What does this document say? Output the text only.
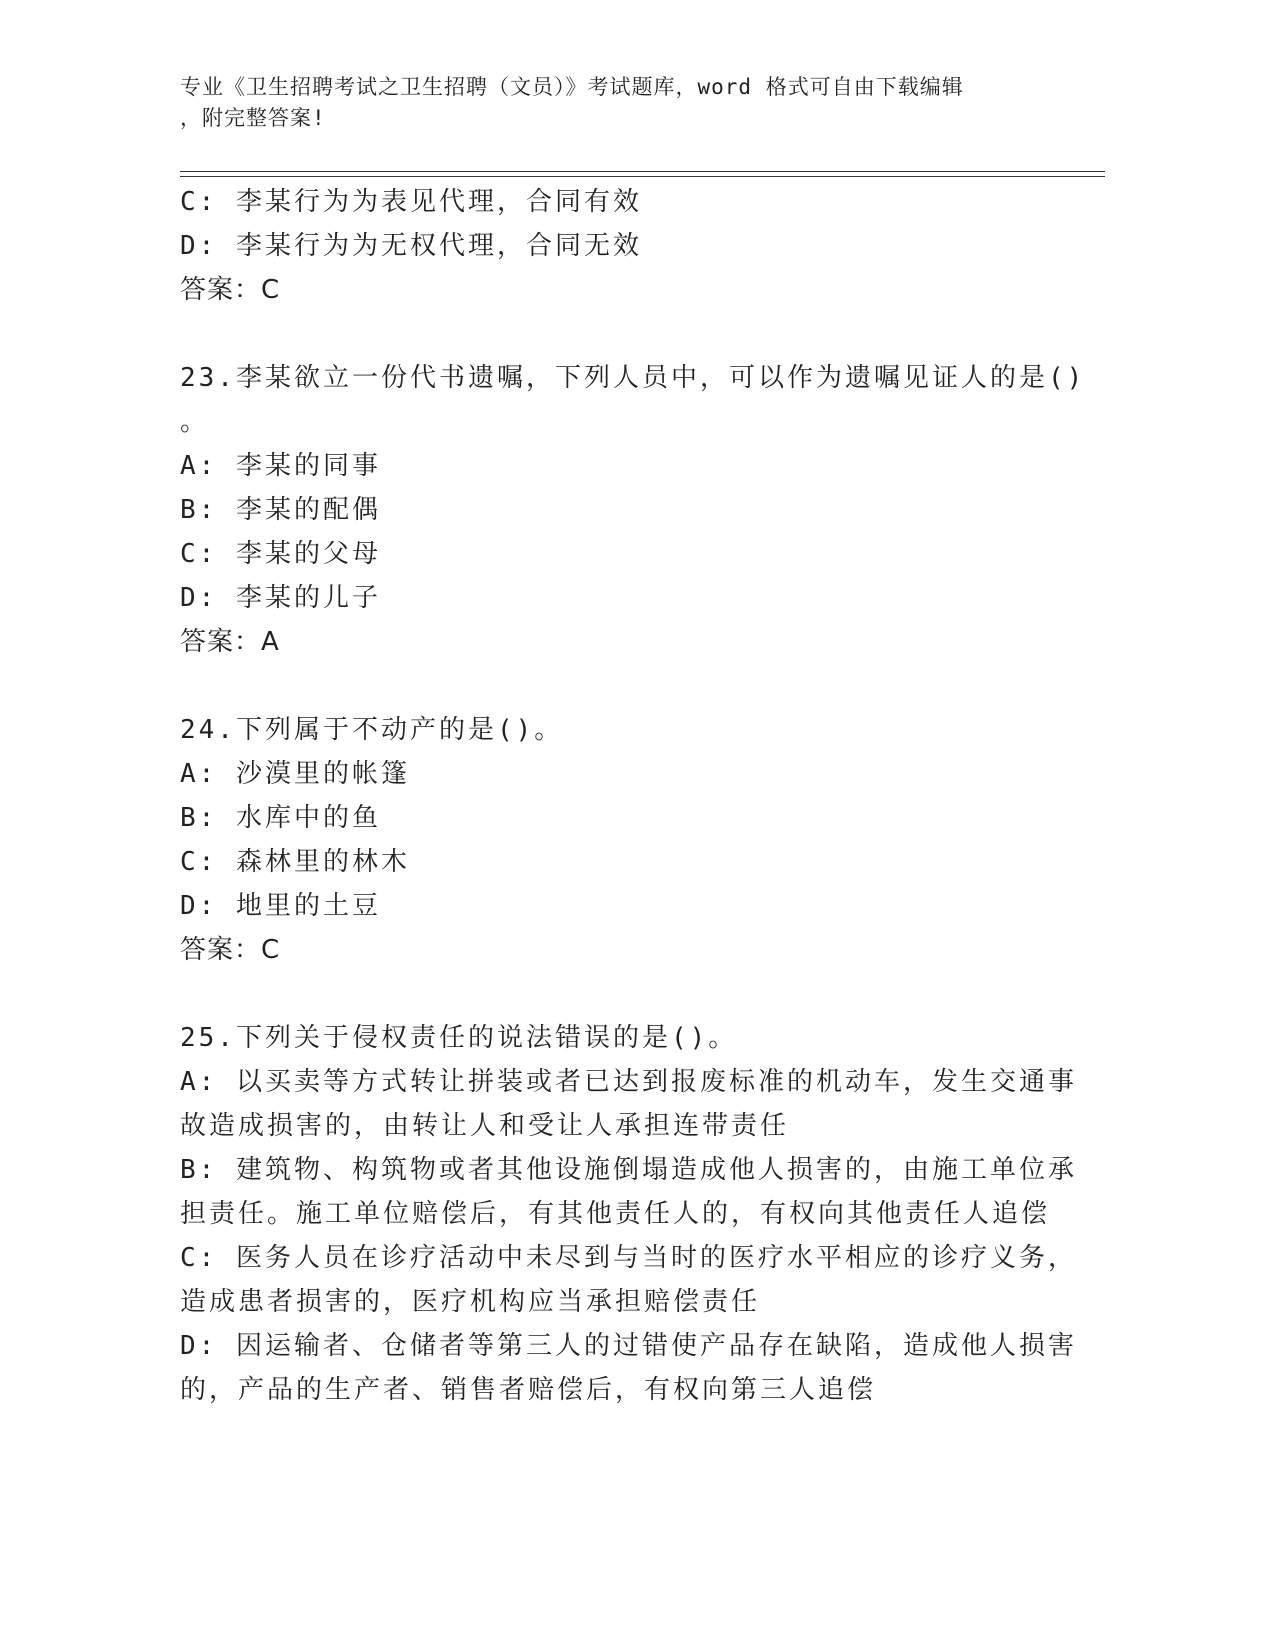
专业《卫生招聘考试之卫生招聘（文员）》考试题库，word 格式可自由下载编辑
，附完整答案!
C: 李某行为为表见代理，合同有效
D: 李某行为为无权代理，合同无效
答案：C
23.李某欲立一份代书遗嘱，下列人员中，可以作为遗嘱见证人的是()
。
A: 李某的同事
B: 李某的配偶
C: 李某的父母
D: 李某的儿子
答案：A
24.下列属于不动产的是()。
A: 沙漠里的帐篷
B: 水库中的鱼
C: 森林里的林木
D: 地里的土豆
答案：C
25.下列关于侵权责任的说法错误的是()。
A: 以买卖等方式转让拼装或者已达到报废标准的机动车，发生交通事
故造成损害的，由转让人和受让人承担连带责任
B: 建筑物、构筑物或者其他设施倒塌造成他人损害的，由施工单位承
担责任。施工单位赔偿后，有其他责任人的，有权向其他责任人追偿
C: 医务人员在诊疗活动中未尽到与当时的医疗水平相应的诊疗义务，
造成患者损害的，医疗机构应当承担赔偿责任
D: 因运输者、仓储者等第三人的过错使产品存在缺陷，造成他人损害
的，产品的生产者、销售者赔偿后，有权向第三人追偿
